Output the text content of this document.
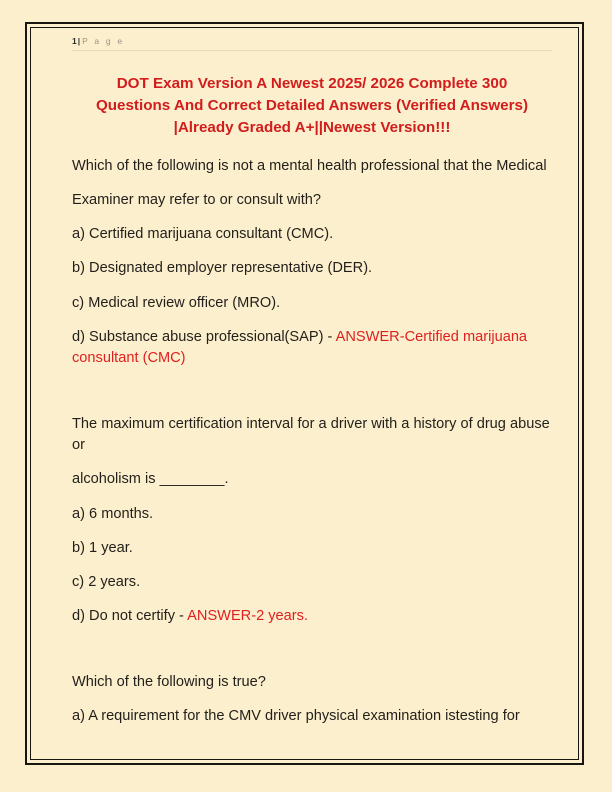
1| P a g e
DOT Exam Version A Newest 2025/ 2026 Complete 300 Questions And Correct Detailed Answers (Verified Answers) |Already Graded A+||Newest Version!!!

Which of the following is not a mental health professional that the Medical

Examiner may refer to or consult with?

a) Certified marijuana consultant (CMC).

b) Designated employer representative (DER).

c) Medical review officer (MRO).

d) Substance abuse professional(SAP) - ANSWER-Certified marijuana consultant (CMC)

The maximum certification interval for a driver with a history of drug abuse or

alcoholism is ________.

a) 6 months.

b) 1 year.

c) 2 years.

d) Do not certify - ANSWER-2 years.

Which of the following is true?

a) A requirement for the CMV driver physical examination istesting for
